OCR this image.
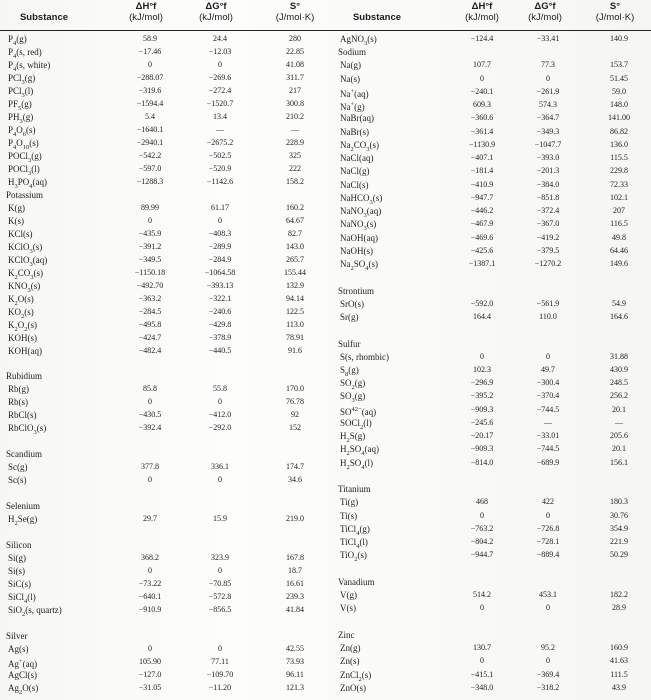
Substance
ΔH°f
(kJ/mol)
ΔG°f
(kJ/mol)
S°
(J/mol·K)	Substance
ΔH°f
(kJ/mol)
ΔG°f
(kJ/mol)
S°
(J/mol·K)
$P_4(g)$	58.9	24.4	280
$P_4(s$, red)	−17.46	−12.03	22.85
$P_4(s$, white)	0	0	41.08
PCl$_3$(g)	−288.07	−269.6	311.7
PCl$_3$(l)	−319.6	−272.4	217
$PF_5(g)$	−1594.4	−1520.7	300.8
$PH_3(g)$	5.4	13.4	210.2
$P_4O_6(s)$	−1640.1	—	—
$P_4O_{10}(s)$	−2940.1	−2675.2	228.9
POCl$_3$(g)	−542.2	−502.5	325
POCl$_3$(l)	−597.0	−520.9	222
$H_3PO_4(aq)$	−1288.3	−1142.6	158.2
Potassium
K(g)	89.99	61.17	160.2
K(s)	0	0	64.67
KCl(s)	−435.9	−408.3	82.7
KClO$_3$(s)	−391.2	−289.9	143.0
KClO$_3$(aq)	−349.5	−284.9	265.7
$K_2CO_3(s)$	−1150.18	−1064.58	155.44
$KNO_3(s)$	−492.70	−393.13	132.9
$K_2O(s)$	−363.2	−322.1	94.14
$KO_2(s)$	−284.5	−240.6	122.5
$K_2O_2(s)$	−495.8	−429.8	113.0
KOH(s)	−424.7	−378.9	78.91
KOH(aq)	−482.4	−440.5	91.6
Rubidium
Rb(g)	85.8	55.8	170.0
Rb(s)	0	0	76.78
RbCl(s)	−430.5	−412.0	92
RbClO$_3$(s)	−392.4	−292.0	152
Scandium
Sc(g)	377.8	336.1	174.7
Sc(s)	0	0	34.6
Selenium
$H_2Se(g)$	29.7	15.9	219.0
Silicon
Si(g)	368.2	323.9	167.8
Si(s)	0	0	18.7
SiC(s)	−73.22	−70.85	16.61
SiCl$_4$(l)	−640.1	−572.8	239.3
SiO$_2$(s, quartz)	−910.9	−856.5	41.84
Silver
Ag(s)	0	0	42.55
Ag+(aq)	105.90	77.11	73.93
AgCl(s)	−127.0	−109.70	96.11
$Ag_2O(s)$	−31.05	−11.20	121.3
AgNO$_3$(s)	−124.4	−33.41	140.9
Sodium
Na(g)	107.7	77.3	153.7
Na(s)	0	0	51.45
Na+(aq)	−240.1	−261.9	59.0
Na+(g)	609.3	574.3	148.0
NaBr(aq)	−360.6	−364.7	141.00
NaBr(s)	−361.4	−349.3	86.82
$Na_2CO_3(s)$	−1130.9	−1047.7	136.0
NaCl(aq)	−407.1	−393.0	115.5
NaCl(g)	−181.4	−201.3	229.8
NaCl(s)	−410.9	−384.0	72.33
NaHCO$_3$(s)	−947.7	−851.8	102.1
NaNO$_3$(aq)	−446.2	−372.4	207
NaNO$_3$(s)	−467.9	−367.0	116.5
NaOH(aq)	−469.6	−419.2	49.8
NaOH(s)	−425.6	−379.5	64.46
$Na_2SO_4(s)$	−1387.1	−1270.2	149.6
Strontium
SrO(s)	−592.0	−561.9	54.9
Sr(g)	164.4	110.0	164.6
Sulfur
S(s, rhombic)	0	0	31.88
$S_8(g)$	102.3	49.7	430.9
$SO_2(g)$	−296.9	−300.4	248.5
$SO_3(g)$	−395.2	−370.4	256.2
$SO^{42-}(aq)$	−909.3	−744.5	20.1
SOCl$_2$(l)	−245.6	—	—
$H_2S(g)$	−20.17	−33.01	205.6
$H_2SO_4(aq)$	−909.3	−744.5	20.1
$H_2SO_4(l)$	−814.0	−689.9	156.1
Titanium
Ti(g)	468	422	180.3
Ti(s)	0	0	30.76
TiCl$_4$(g)	−763.2	−726.8	354.9
TiCl$_4$(l)	−804.2	−728.1	221.9
TiO$_2$(s)	−944.7	−889.4	50.29
Vanadium
V(g)	514.2	453.1	182.2
V(s)	0	0	28.9
Zinc
Zn(g)	130.7	95.2	160.9
Zn(s)	0	0	41.63
ZnCl$_2$(s)	−415.1	−369.4	111.5
ZnO(s)	−348.0	−318.2	43.9
